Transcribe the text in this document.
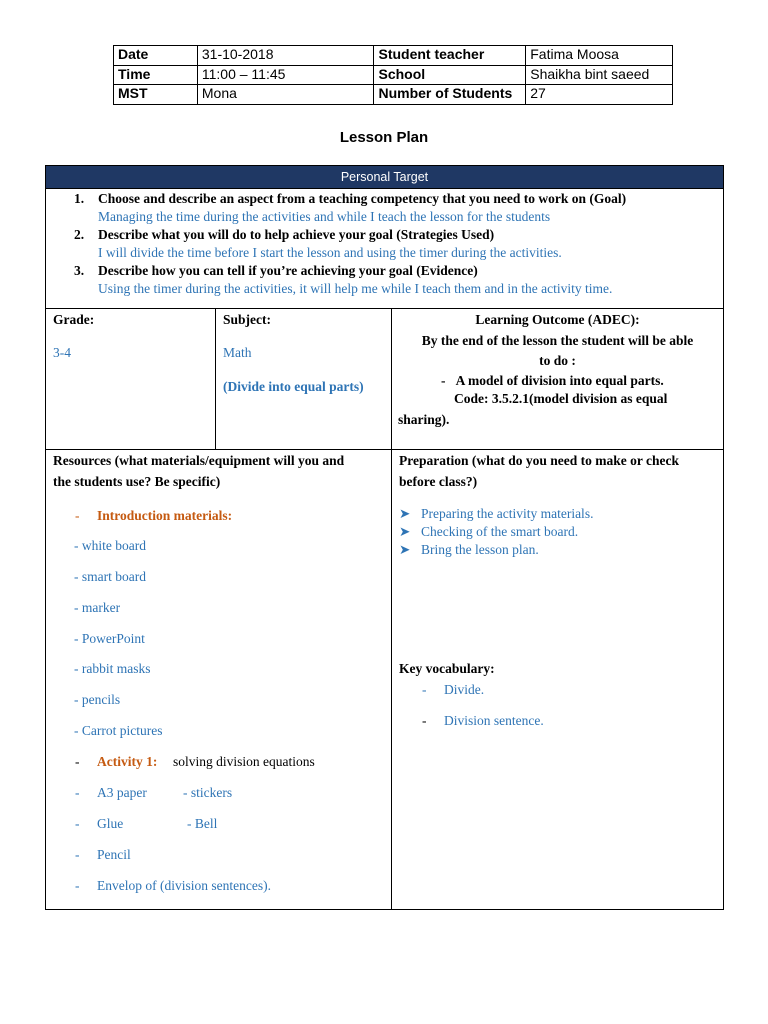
Date	31-10-2018	Student teacher	Fatima Moosa
Time	11:00 – 11:45	School	Shaikha bint saeed
MST	Mona	Number of Students	27
Lesson Plan
Personal Target
1. Choose and describe an aspect from a teaching competency that you need to work on (Goal)
Managing the time during the activities and while I teach the lesson for the students
2. Describe what you will do to help achieve your goal (Strategies Used)
I will divide the time before I start the lesson and using the timer during the activities.
3. Describe how you can tell if you’re achieving your goal (Evidence)
Using the timer during the activities, it will help me while I teach them and in the activity time.
Grade:
3-4
Subject:
Math
(Divide into equal parts)
Learning Outcome (ADEC):
By the end of the lesson the student will be able
to do :
- A model of division into equal parts.
Code: 3.5.2.1(model division as equal
sharing).
Resources (what materials/equipment will you and
the students use? Be specific)
- Introduction materials:
- white board
- smart board
- marker
- PowerPoint
- rabbit masks
- pencils
- Carrot pictures
- Activity 1: solving division equations
- A3 paper	- stickers
- Glue	- Bell
- Pencil
- Envelop of (division sentences).
Preparation (what do you need to make or check
before class?)
➤ Preparing the activity materials.
➤ Checking of the smart board.
➤ Bring the lesson plan.
Key vocabulary:
- Divide.
- Division sentence.
